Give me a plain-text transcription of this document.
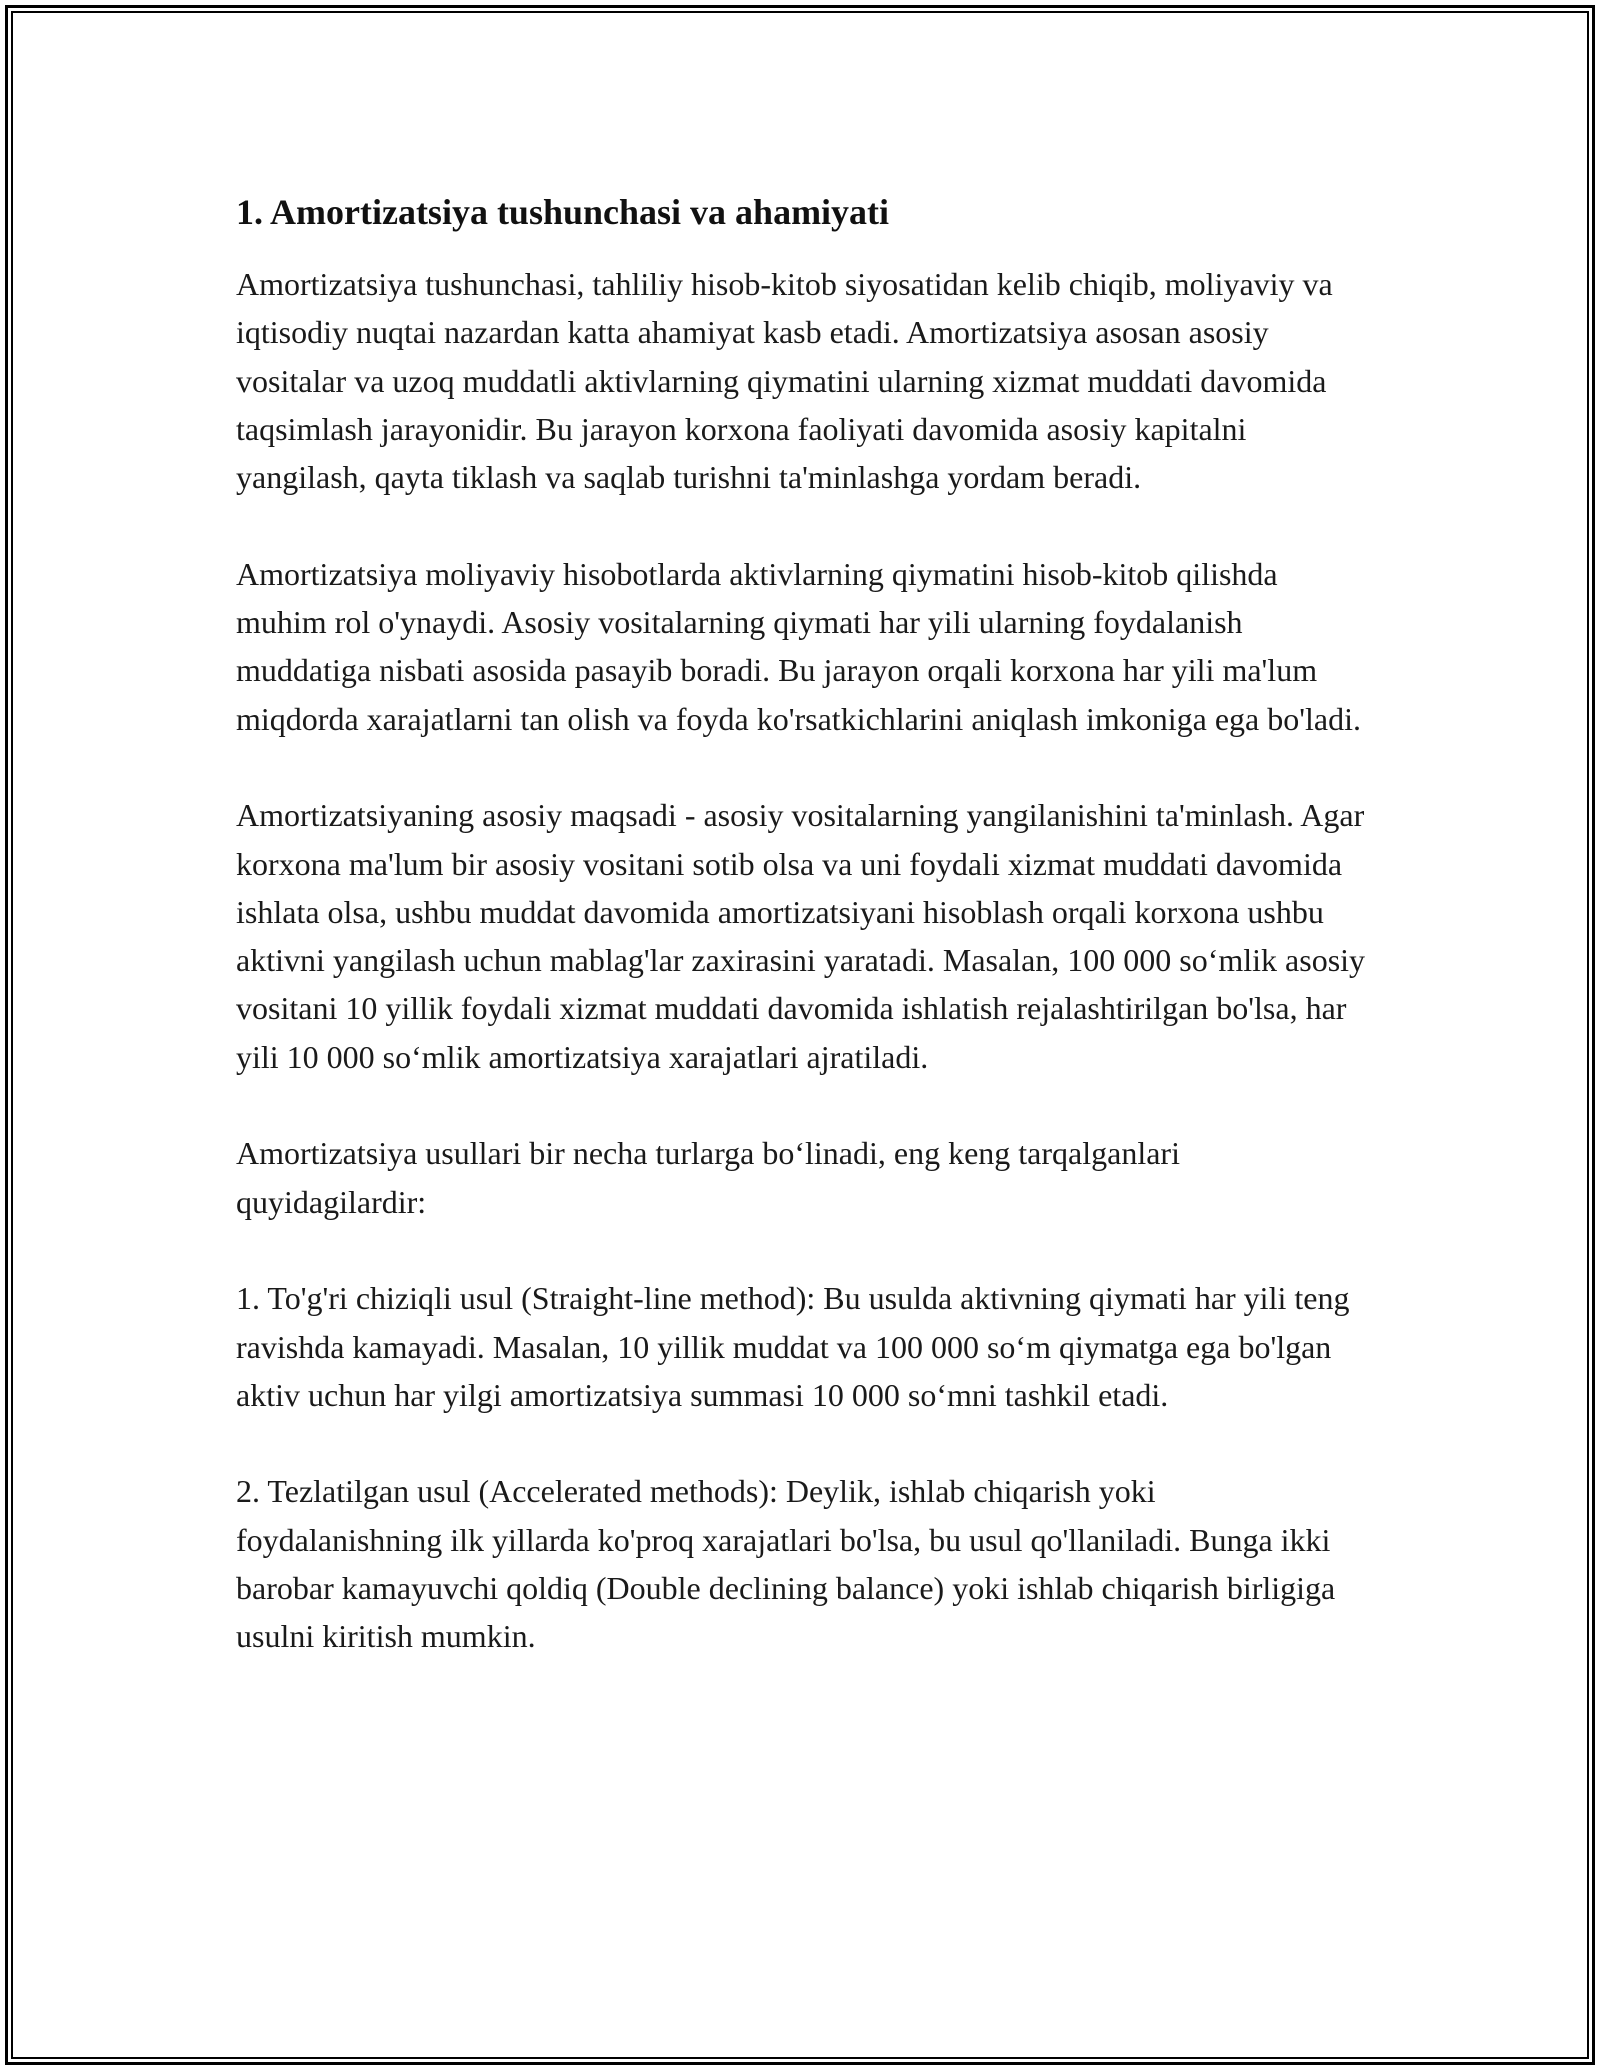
1. Amortizatsiya tushunchasi va ahamiyati

Amortizatsiya tushunchasi, tahliliy hisob-kitob siyosatidan kelib chiqib, moliyaviy va iqtisodiy nuqtai nazardan katta ahamiyat kasb etadi. Amortizatsiya asosan asosiy vositalar va uzoq muddatli aktivlarning qiymatini ularning xizmat muddati davomida taqsimlash jarayonidir. Bu jarayon korxona faoliyati davomida asosiy kapitalni yangilash, qayta tiklash va saqlab turishni ta'minlashga yordam beradi.

Amortizatsiya moliyaviy hisobotlarda aktivlarning qiymatini hisob-kitob qilishda muhim rol o'ynaydi. Asosiy vositalarning qiymati har yili ularning foydalanish muddatiga nisbati asosida pasayib boradi. Bu jarayon orqali korxona har yili ma'lum miqdorda xarajatlarni tan olish va foyda ko'rsatkichlarini aniqlash imkoniga ega bo'ladi.

Amortizatsiyaning asosiy maqsadi - asosiy vositalarning yangilanishini ta'minlash. Agar korxona ma'lum bir asosiy vositani sotib olsa va uni foydali xizmat muddati davomida ishlata olsa, ushbu muddat davomida amortizatsiyani hisoblash orqali korxona ushbu aktivni yangilash uchun mablag'lar zaxirasini yaratadi. Masalan, 100 000 so‘mlik asosiy vositani 10 yillik foydali xizmat muddati davomida ishlatish rejalashtirilgan bo'lsa, har yili 10 000 so‘mlik amortizatsiya xarajatlari ajratiladi.

Amortizatsiya usullari bir necha turlarga bo‘linadi, eng keng tarqalganlari quyidagilardir:

1. To'g'ri chiziqli usul (Straight-line method): Bu usulda aktivning qiymati har yili teng ravishda kamayadi. Masalan, 10 yillik muddat va 100 000 so‘m qiymatga ega bo'lgan aktiv uchun har yilgi amortizatsiya summasi 10 000 so‘mni tashkil etadi.

2. Tezlatilgan usul (Accelerated methods): Deylik, ishlab chiqarish yoki foydalanishning ilk yillarda ko'proq xarajatlari bo'lsa, bu usul qo'llaniladi. Bunga ikki barobar kamayuvchi qoldiq (Double declining balance) yoki ishlab chiqarish birligiga usulni kiritish mumkin.
